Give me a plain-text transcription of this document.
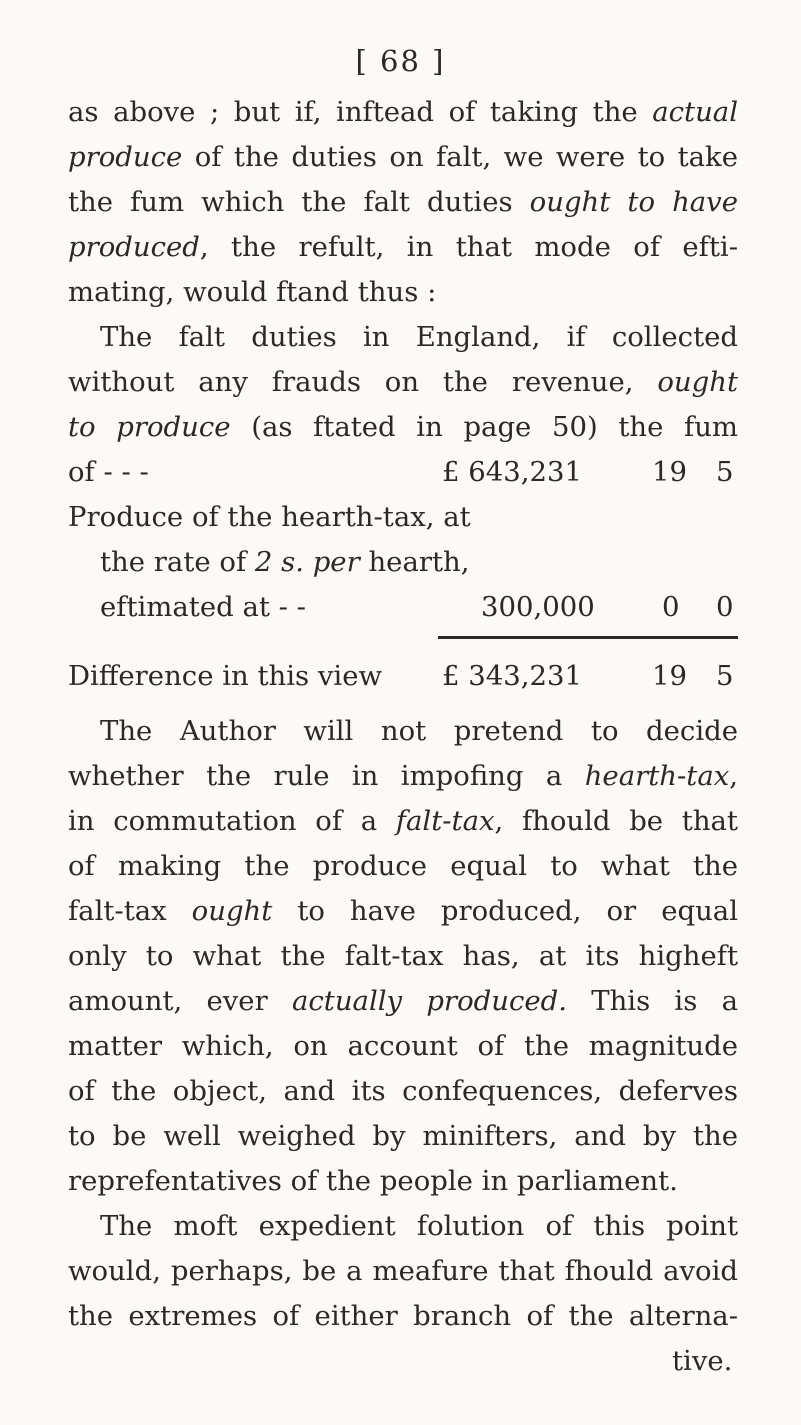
[ 68 ]
as above ; but if, inftead of taking the actual
produce of the duties on falt, we were to take
the fum which the falt duties ought to have
produced, the refult, in that mode of efti-
mating, would ftand thus :
The falt duties in England, if collected
without any frauds on the revenue, ought
to produce (as ftated in page 50) the fum
of - - -	£ 643,231	19 5
Produce of the hearth-tax, at
the rate of 2 s. per hearth,
eftimated at - -	300,000 0 0
Difference in this view £ 343,231	19 5
The Author will not pretend to decide
whether the rule in impofing a hearth-tax,
in commutation of a falt-tax, fhould be that
of making the produce equal to what the
falt-tax ought to have produced, or equal
only to what the falt-tax has, at its higheft
amount, ever actually produced. This is a
matter which, on account of the magnitude
of the object, and its confequences, deferves
to be well weighed by minifters, and by the
reprefentatives of the people in parliament.
The moft expedient folution of this point
would, perhaps, be a meafure that fhould avoid
the extremes of either branch of the alterna-
tive.
